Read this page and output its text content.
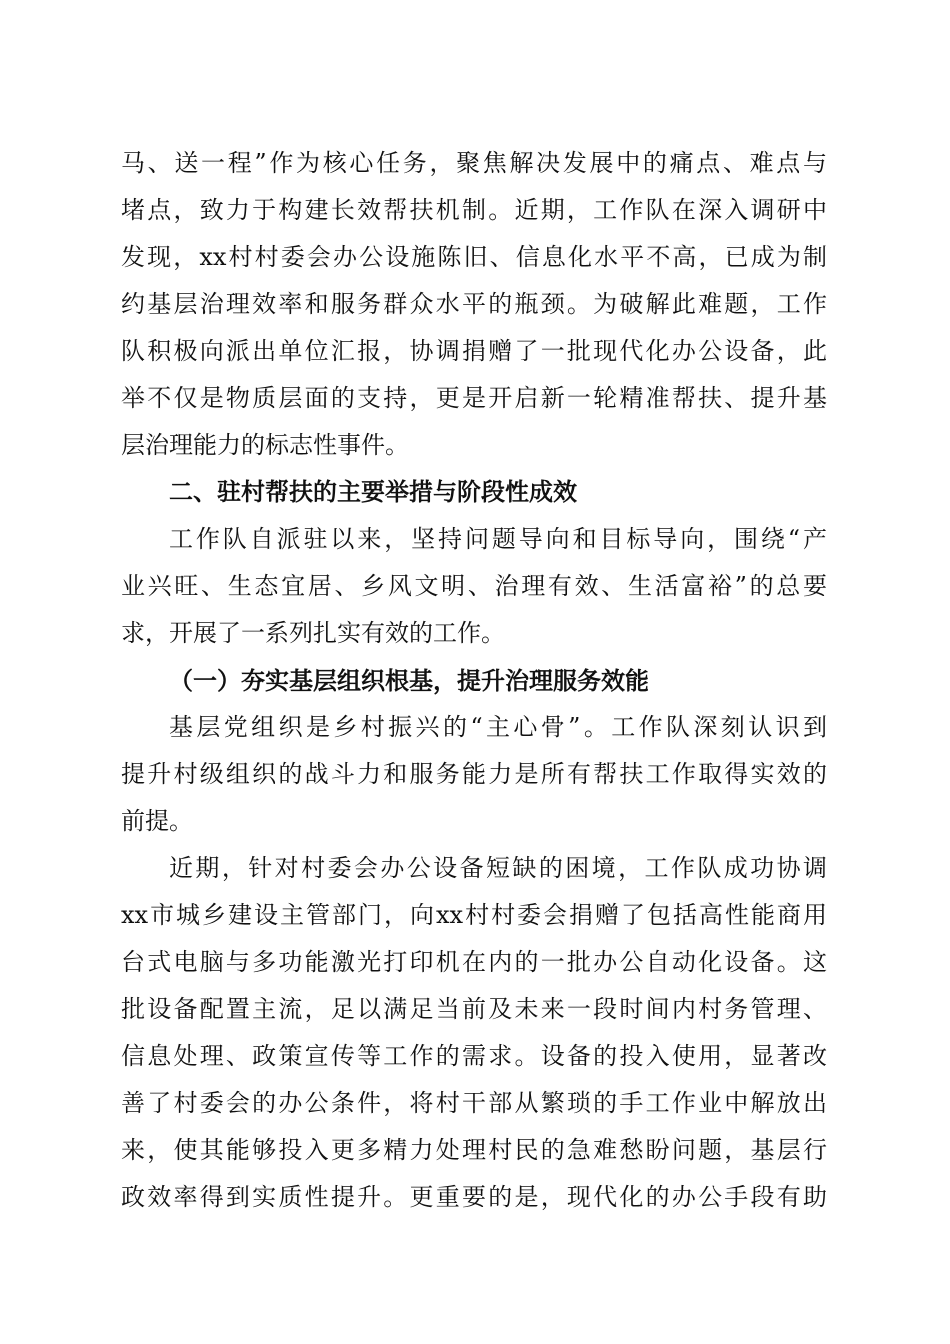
马、送一程”作为核心任务，聚焦解决发展中的痛点、难点与
堵点，致力于构建长效帮扶机制。近期，工作队在深入调研中
发现，xx村村委会办公设施陈旧、信息化水平不高，已成为制
约基层治理效率和服务群众水平的瓶颈。为破解此难题，工作
队积极向派出单位汇报，协调捐赠了一批现代化办公设备，此
举不仅是物质层面的支持，更是开启新一轮精准帮扶、提升基
层治理能力的标志性事件。
二、驻村帮扶的主要举措与阶段性成效
工作队自派驻以来，坚持问题导向和目标导向，围绕“产
业兴旺、生态宜居、乡风文明、治理有效、生活富裕”的总要
求，开展了一系列扎实有效的工作。
（一）夯实基层组织根基，提升治理服务效能
基层党组织是乡村振兴的“主心骨”。工作队深刻认识到
提升村级组织的战斗力和服务能力是所有帮扶工作取得实效的
前提。
近期，针对村委会办公设备短缺的困境，工作队成功协调
xx市城乡建设主管部门，向xx村村委会捐赠了包括高性能商用
台式电脑与多功能激光打印机在内的一批办公自动化设备。这
批设备配置主流，足以满足当前及未来一段时间内村务管理、
信息处理、政策宣传等工作的需求。设备的投入使用，显著改
善了村委会的办公条件，将村干部从繁琐的手工作业中解放出
来，使其能够投入更多精力处理村民的急难愁盼问题，基层行
政效率得到实质性提升。更重要的是，现代化的办公手段有助
